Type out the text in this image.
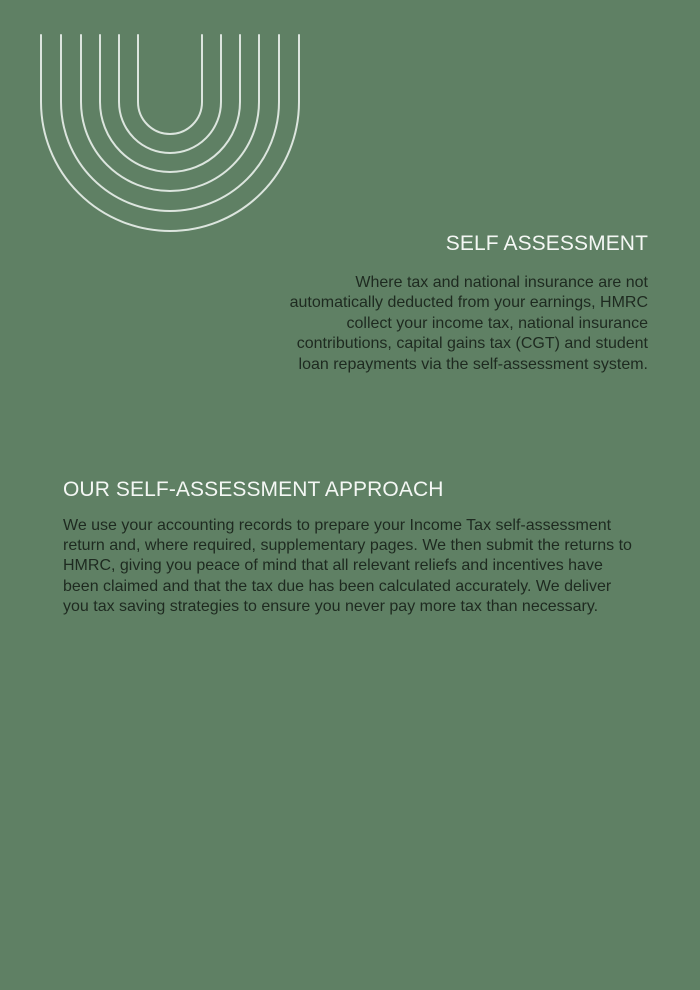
SELF ASSESSMENT

Where tax and national insurance are not automatically deducted from your earnings, HMRC collect your income tax, national insurance contributions, capital gains tax (CGT) and student loan repayments via the self-assessment system.

OUR SELF-ASSESSMENT APPROACH

We use your accounting records to prepare your Income Tax self-assessment return and, where required, supplementary pages. We then submit the returns to HMRC, giving you peace of mind that all relevant reliefs and incentives have been claimed and that the tax due has been calculated accurately. We deliver you tax saving strategies to ensure you never pay more tax than necessary.
